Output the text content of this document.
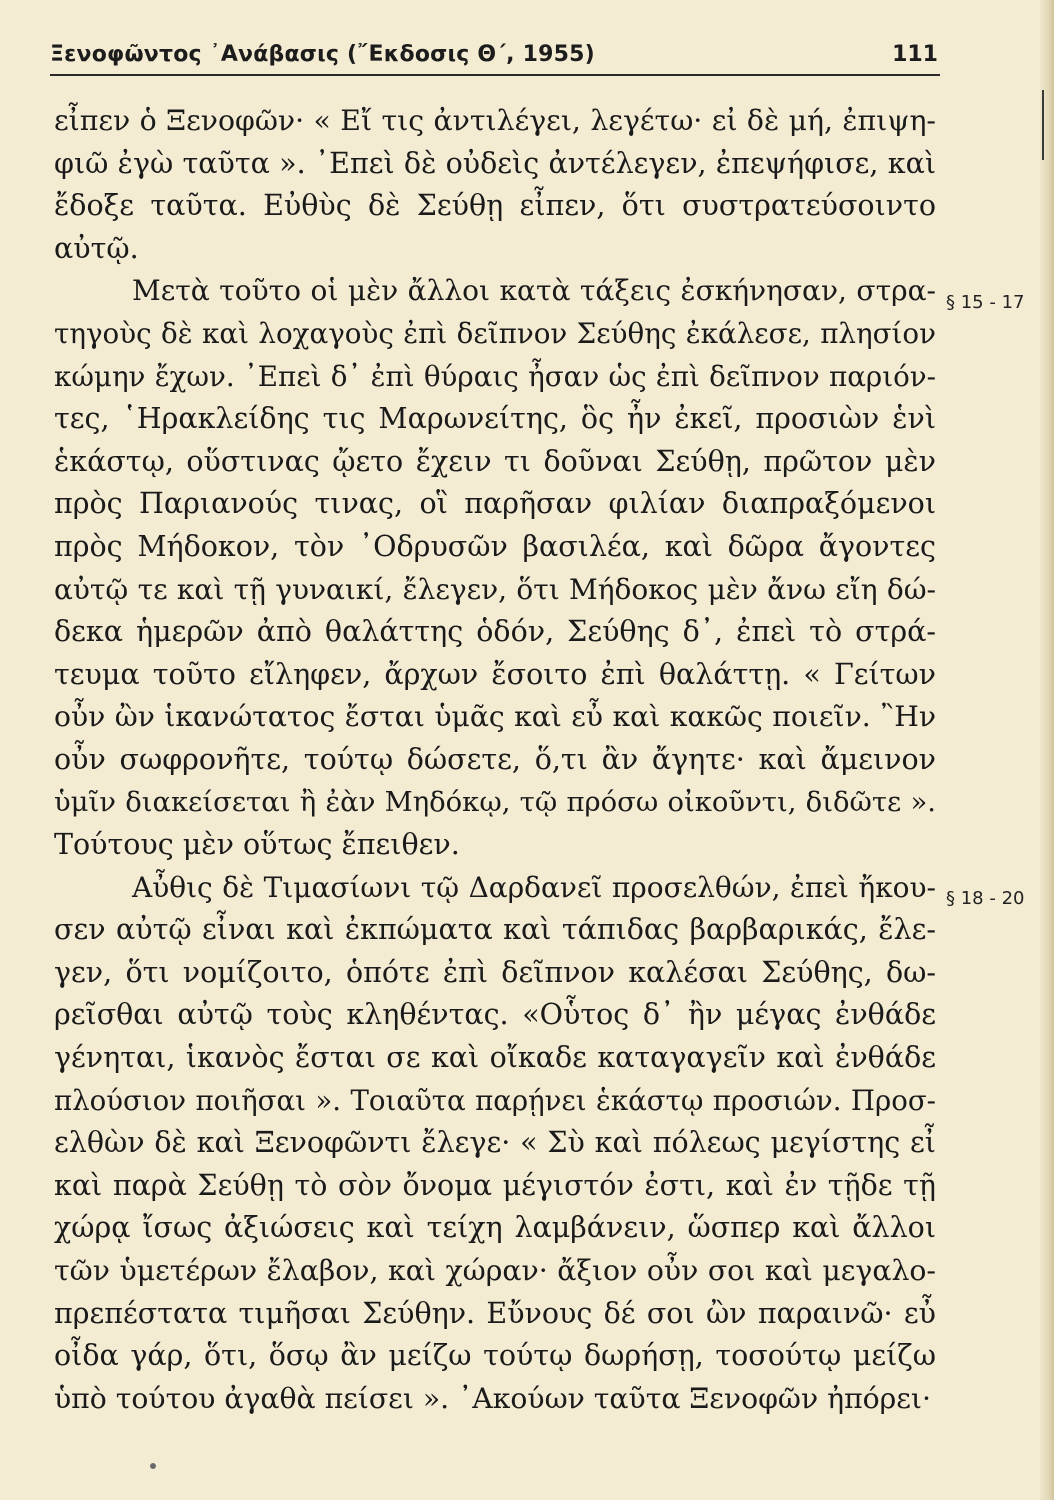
Ξενοφῶντος ᾽Ανάβασις (῎Εκδοσις Θ΄, 1955)	111
εἶπεν ὁ Ξενοφῶν· « Εἴ τις ἀντιλέγει, λεγέτω· εἰ δὲ μή, ἐπιψη-
φιῶ ἐγὼ ταῦτα ». ᾽Επεὶ δὲ οὐδεὶς ἀντέλεγεν, ἐπεψήφισε, καὶ
ἔδοξε ταῦτα. Εὐθὺς δὲ Σεύθῃ εἶπεν, ὅτι συστρατεύσοιντο
αὐτῷ.
Μετὰ τοῦτο οἱ μὲν ἄλλοι κατὰ τάξεις ἐσκήνησαν, στρα-
τηγοὺς δὲ καὶ λοχαγοὺς ἐπὶ δεῖπνον Σεύθης ἐκάλεσε, πλησίον
κώμην ἔχων. ᾽Επεὶ δ᾽ ἐπὶ θύραις ἦσαν ὡς ἐπὶ δεῖπνον παριόν-
τες, ῾Ηρακλείδης τις Μαρωνείτης, ὃς ἦν ἐκεῖ, προσιὼν ἑνὶ
ἑκάστῳ, οὕστινας ᾤετο ἔχειν τι δοῦναι Σεύθῃ, πρῶτον μὲν
πρὸς Παριανούς τινας, οἳ παρῆσαν φιλίαν διαπραξόμενοι
πρὸς Μήδοκον, τὸν ᾽Οδρυσῶν βασιλέα, καὶ δῶρα ἄγοντες
αὐτῷ τε καὶ τῇ γυναικί, ἔλεγεν, ὅτι Μήδοκος μὲν ἄνω εἴη δώ-
δεκα ἡμερῶν ἀπὸ θαλάττης ὁδόν, Σεύθης δ᾽, ἐπεὶ τὸ στρά-
τευμα τοῦτο εἴληφεν, ἄρχων ἔσοιτο ἐπὶ θαλάττῃ. « Γείτων
οὖν ὢν ἱκανώτατος ἔσται ὑμᾶς καὶ εὖ καὶ κακῶς ποιεῖν. ῍Ην
οὖν σωφρονῆτε, τούτῳ δώσετε, ὅ,τι ἂν ἄγητε· καὶ ἄμεινον
ὑμῖν διακείσεται ἢ ἐὰν Μηδόκῳ, τῷ πρόσω οἰκοῦντι, διδῶτε ».
Τούτους μὲν οὕτως ἔπειθεν.
Αὖθις δὲ Τιμασίωνι τῷ Δαρδανεῖ προσελθών, ἐπεὶ ἤκου-
σεν αὐτῷ εἶναι καὶ ἐκπώματα καὶ τάπιδας βαρβαρικάς, ἔλε-
γεν, ὅτι νομίζοιτο, ὁπότε ἐπὶ δεῖπνον καλέσαι Σεύθης, δω-
ρεῖσθαι αὐτῷ τοὺς κληθέντας. «Οὗτος δ᾽ ἢν μέγας ἐνθάδε
γένηται, ἱκανὸς ἔσται σε καὶ οἴκαδε καταγαγεῖν καὶ ἐνθάδε
πλούσιον ποιῆσαι ». Τοιαῦτα παρῄνει ἑκάστῳ προσιών. Προσ-
ελθὼν δὲ καὶ Ξενοφῶντι ἔλεγε· « Σὺ καὶ πόλεως μεγίστης εἶ
καὶ παρὰ Σεύθῃ τὸ σὸν ὄνομα μέγιστόν ἐστι, καὶ ἐν τῇδε τῇ
χώρᾳ ἴσως ἀξιώσεις καὶ τείχη λαμβάνειν, ὥσπερ καὶ ἄλλοι
τῶν ὑμετέρων ἔλαβον, καὶ χώραν· ἄξιον οὖν σοι καὶ μεγαλο-
πρεπέστατα τιμῆσαι Σεύθην. Εὔνους δέ σοι ὢν παραινῶ· εὖ
οἶδα γάρ, ὅτι, ὅσῳ ἂν μείζω τούτῳ δωρήσῃ, τοσούτῳ μείζω
ὑπὸ τούτου ἀγαθὰ πείσει ». ᾽Ακούων ταῦτα Ξενοφῶν ἠπόρει·
§ 15 - 17
§ 18 - 20
